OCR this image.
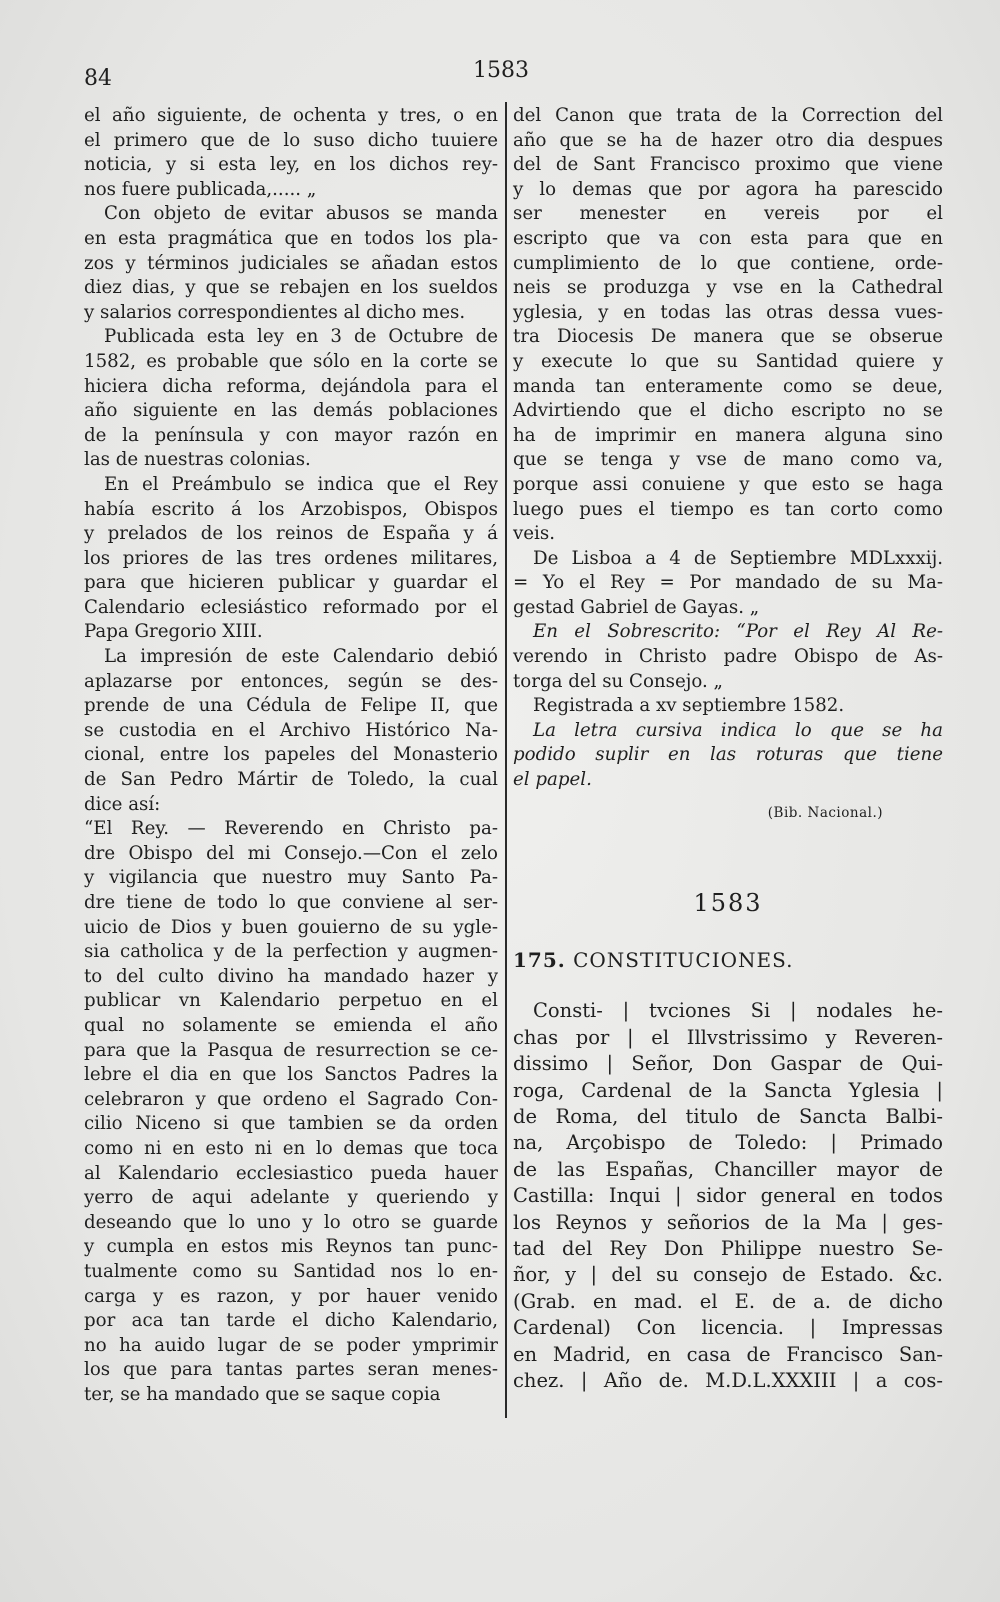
84	1583
el año siguiente, de ochenta y tres, o en
el primero que de lo suso dicho tuuiere
noticia, y si esta ley, en los dichos rey-
nos fuere publicada,..... „
Con objeto de evitar abusos se manda
en esta pragmática que en todos los pla-
zos y términos judiciales se añadan estos
diez dias, y que se rebajen en los sueldos
y salarios correspondientes al dicho mes.
Publicada esta ley en 3 de Octubre de
1582, es probable que sólo en la corte se
hiciera dicha reforma, dejándola para el
año siguiente en las demás poblaciones
de la península y con mayor razón en
las de nuestras colonias.
En el Preámbulo se indica que el Rey
había escrito á los Arzobispos, Obispos
y prelados de los reinos de España y á
los priores de las tres ordenes militares,
para que hicieren publicar y guardar el
Calendario eclesiástico reformado por el
Papa Gregorio XIII.
La impresión de este Calendario debió
aplazarse por entonces, según se des-
prende de una Cédula de Felipe II, que
se custodia en el Archivo Histórico Na-
cional, entre los papeles del Monasterio
de San Pedro Mártir de Toledo, la cual
dice así:
“El Rey. — Reverendo en Christo pa-
dre Obispo del mi Consejo.—Con el zelo
y vigilancia que nuestro muy Santo Pa-
dre tiene de todo lo que conviene al ser-
uicio de Dios y buen gouierno de su ygle-
sia catholica y de la perfection y augmen-
to del culto divino ha mandado hazer y
publicar vn Kalendario perpetuo en el
qual no solamente se emienda el año
para que la Pasqua de resurrection se ce-
lebre el dia en que los Sanctos Padres la
celebraron y que ordeno el Sagrado Con-
cilio Niceno si que tambien se da orden
como ni en esto ni en lo demas que toca
al Kalendario ecclesiastico pueda hauer
yerro de aqui adelante y queriendo y
deseando que lo uno y lo otro se guarde
y cumpla en estos mis Reynos tan punc-
tualmente como su Santidad nos lo en-
carga y es razon, y por hauer venido
por aca tan tarde el dicho Kalendario,
no ha auido lugar de se poder ymprimir
los que para tantas partes seran menes-
ter, se ha mandado que se saque copia
del Canon que trata de la Correction del
año que se ha de hazer otro dia despues
del de Sant Francisco proximo que viene
y lo demas que por agora ha parescido
ser menester en vereis por el
escripto que va con esta para que en
cumplimiento de lo que contiene, orde-
neis se produzga y vse en la Cathedral
yglesia, y en todas las otras dessa vues-
tra Diocesis De manera que se obserue
y execute lo que su Santidad quiere y
manda tan enteramente como se deue,
Advirtiendo que el dicho escripto no se
ha de imprimir en manera alguna sino
que se tenga y vse de mano como va,
porque assi conuiene y que esto se haga
luego pues el tiempo es tan corto como
veis.
De Lisboa a 4 de Septiembre MDLxxxij.
= Yo el Rey = Por mandado de su Ma-
gestad Gabriel de Gayas. „
En el Sobrescrito: “Por el Rey Al Re-
verendo in Christo padre Obispo de As-
torga del su Consejo. „
Registrada a xv septiembre 1582.
La letra cursiva indica lo que se ha
podido suplir en las roturas que tiene
el papel.
(Bib. Nacional.)
1583
175. CONSTITUCIONES.
Consti- | tvciones Si | nodales he-
chas por | el Illvstrissimo y Reveren-
dissimo | Señor, Don Gaspar de Qui-
roga, Cardenal de la Sancta Yglesia |
de Roma, del titulo de Sancta Balbi-
na, Arçobispo de Toledo: | Primado
de las Españas, Chanciller mayor de
Castilla: Inqui | sidor general en todos
los Reynos y señorios de la Ma | ges-
tad del Rey Don Philippe nuestro Se-
ñor, y | del su consejo de Estado. &c.
(Grab. en mad. el E. de a. de dicho
Cardenal) Con licencia. | Impressas
en Madrid, en casa de Francisco San-
chez. | Año de. M.D.L.XXXIII | a cos-
